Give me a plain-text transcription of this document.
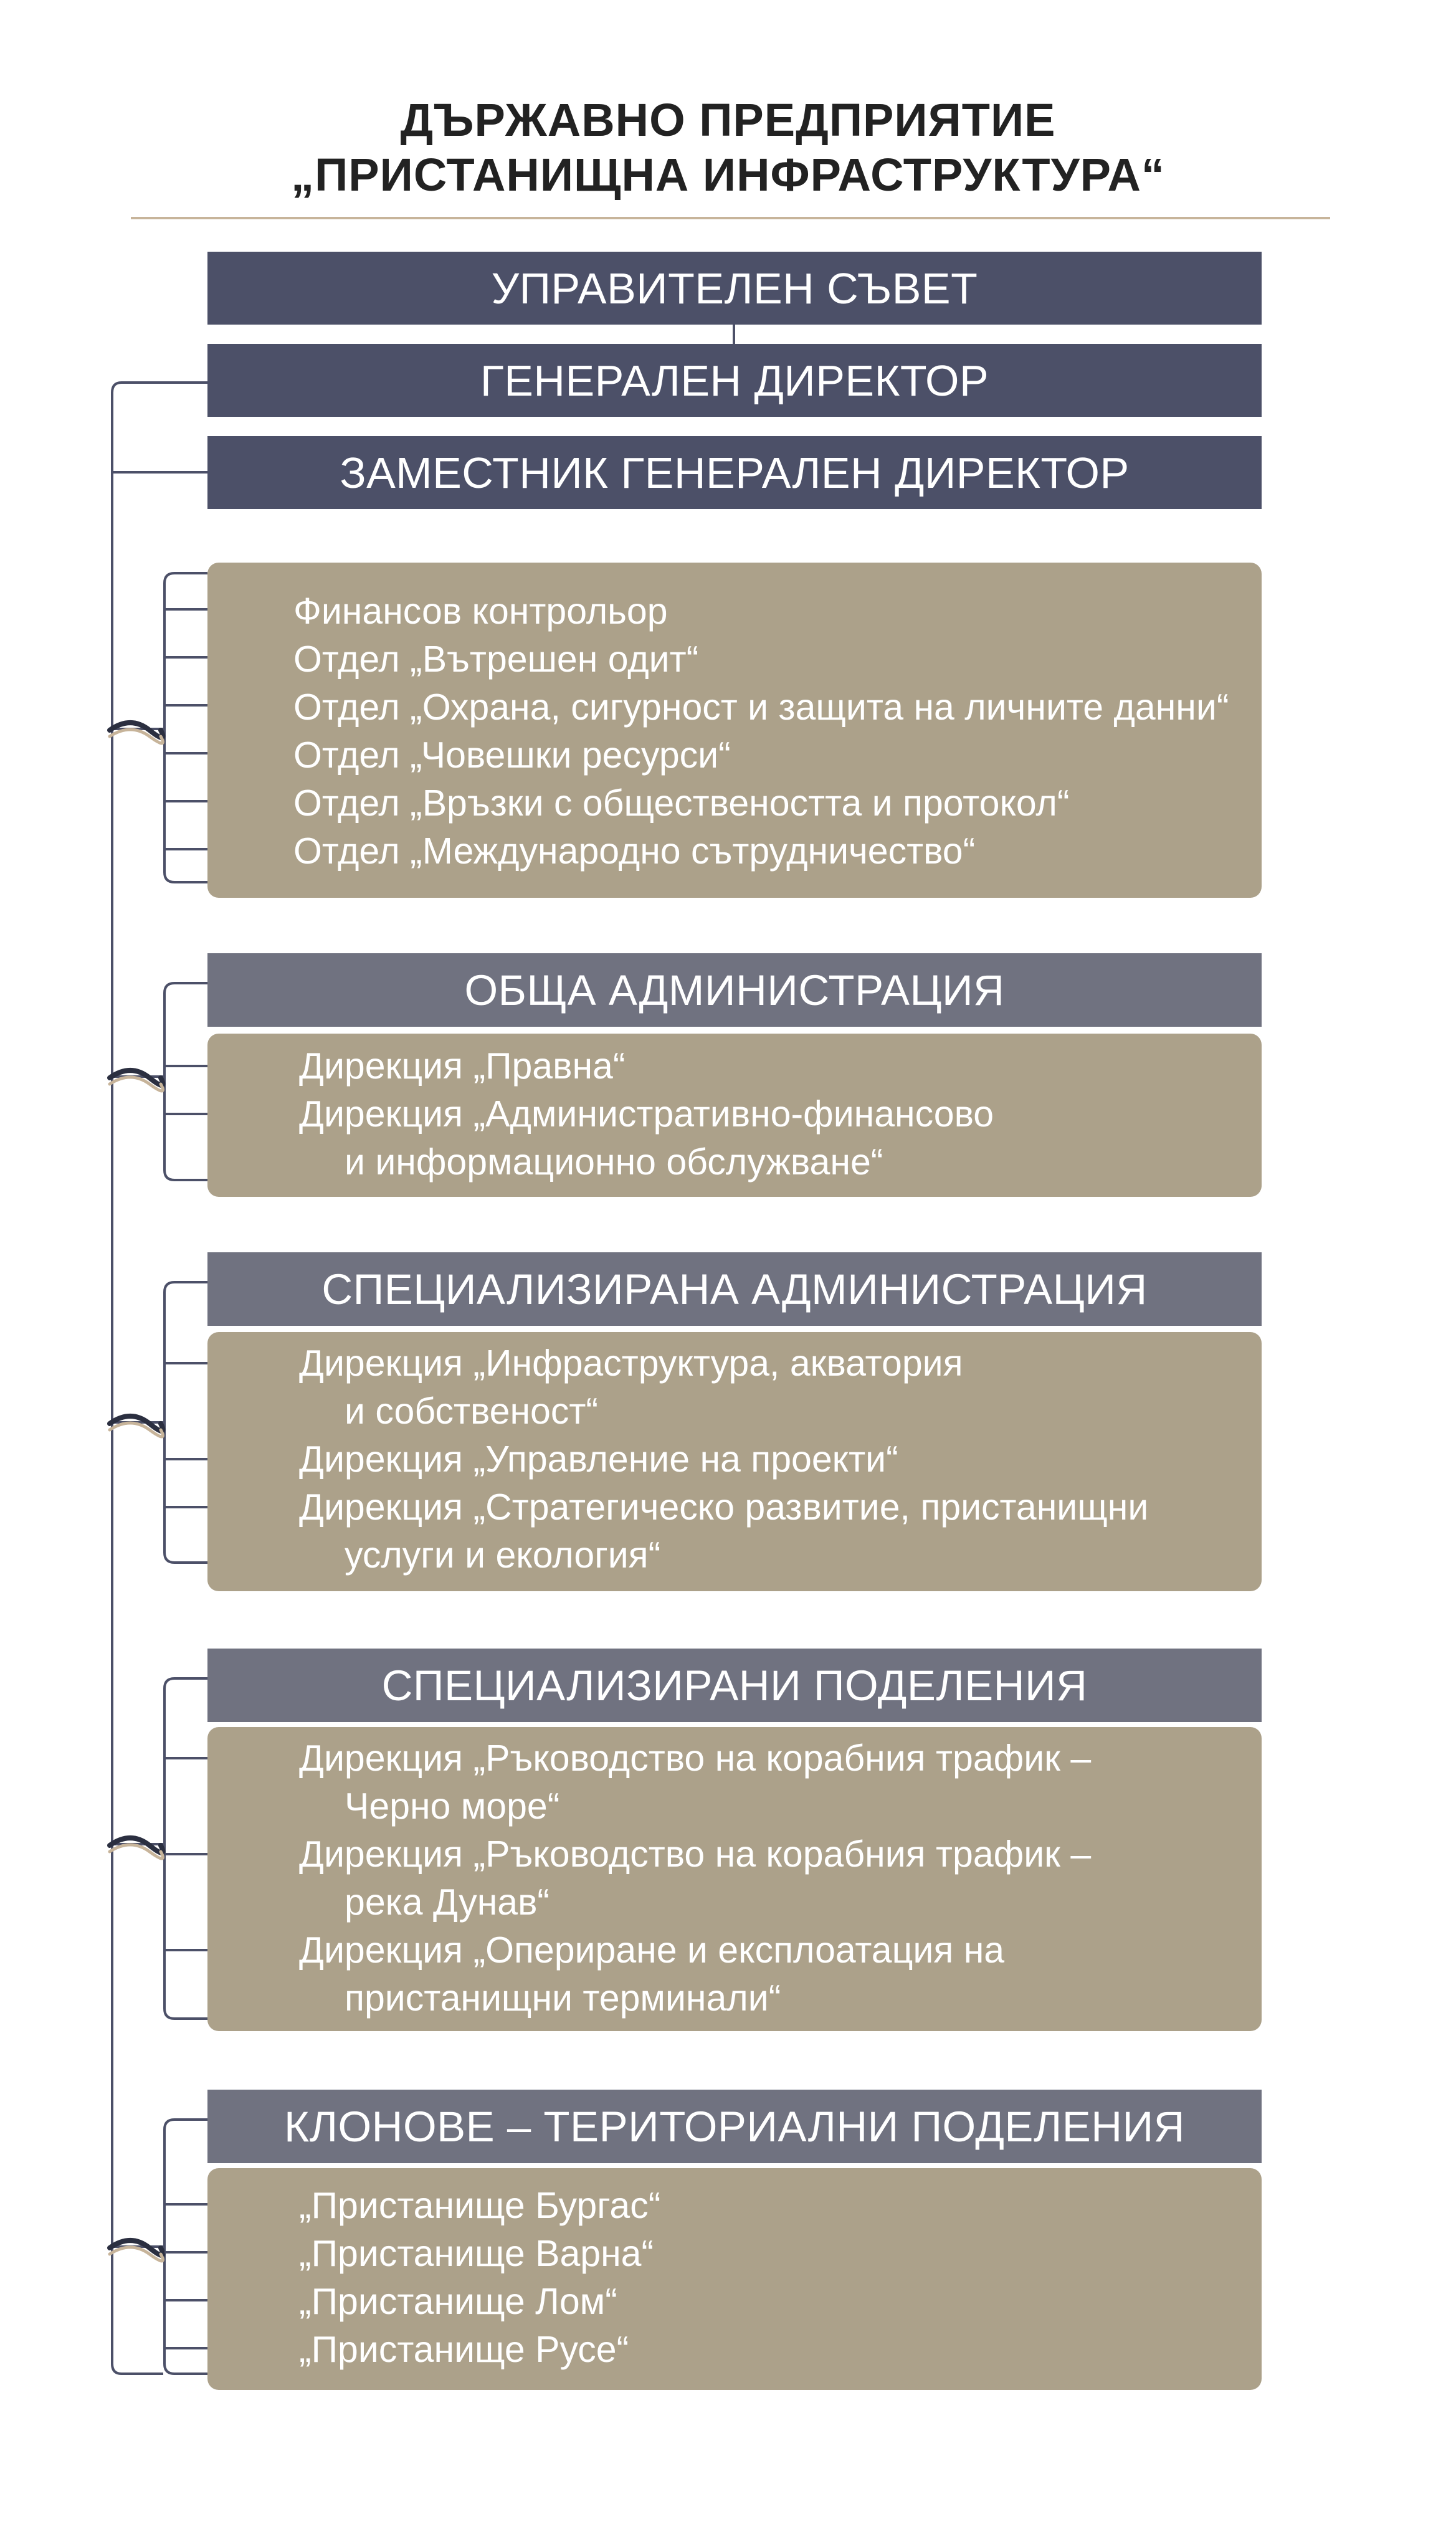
ДЪРЖАВНО ПРЕДПРИЯТИЕ
„ПРИСТАНИЩНА ИНФРАСТРУКТУРА“
УПРАВИТЕЛЕН СЪВЕТ
ГЕНЕРАЛЕН ДИРЕКТОР
ЗАМЕСТНИК ГЕНЕРАЛЕН ДИРЕКТОР
Финансов контрольор
Отдел „Вътрешен одит“
Отдел „Охрана, сигурност и защита на личните данни“
Отдел „Човешки ресурси“
Отдел „Връзки с обществеността и протокол“
Отдел „Международно сътрудничество“
ОБЩА АДМИНИСТРАЦИЯ
Дирекция „Правна“
Дирекция „Административно-финансово
и информационно обслужване“
СПЕЦИАЛИЗИРАНА АДМИНИСТРАЦИЯ
Дирекция „Инфраструктура, акватория
и собственост“
Дирекция „Управление на проекти“
Дирекция „Стратегическо развитие, пристанищни
услуги и екология“
СПЕЦИАЛИЗИРАНИ ПОДЕЛЕНИЯ
Дирекция „Ръководство на корабния трафик –
Черно море“
Дирекция „Ръководство на корабния трафик –
река Дунав“
Дирекция „Опериране и експлоатация на
пристанищни терминали“
КЛОНОВЕ – ТЕРИТОРИАЛНИ ПОДЕЛЕНИЯ
„Пристанище Бургас“
„Пристанище Варна“
„Пристанище Лом“
„Пристанище Русе“
